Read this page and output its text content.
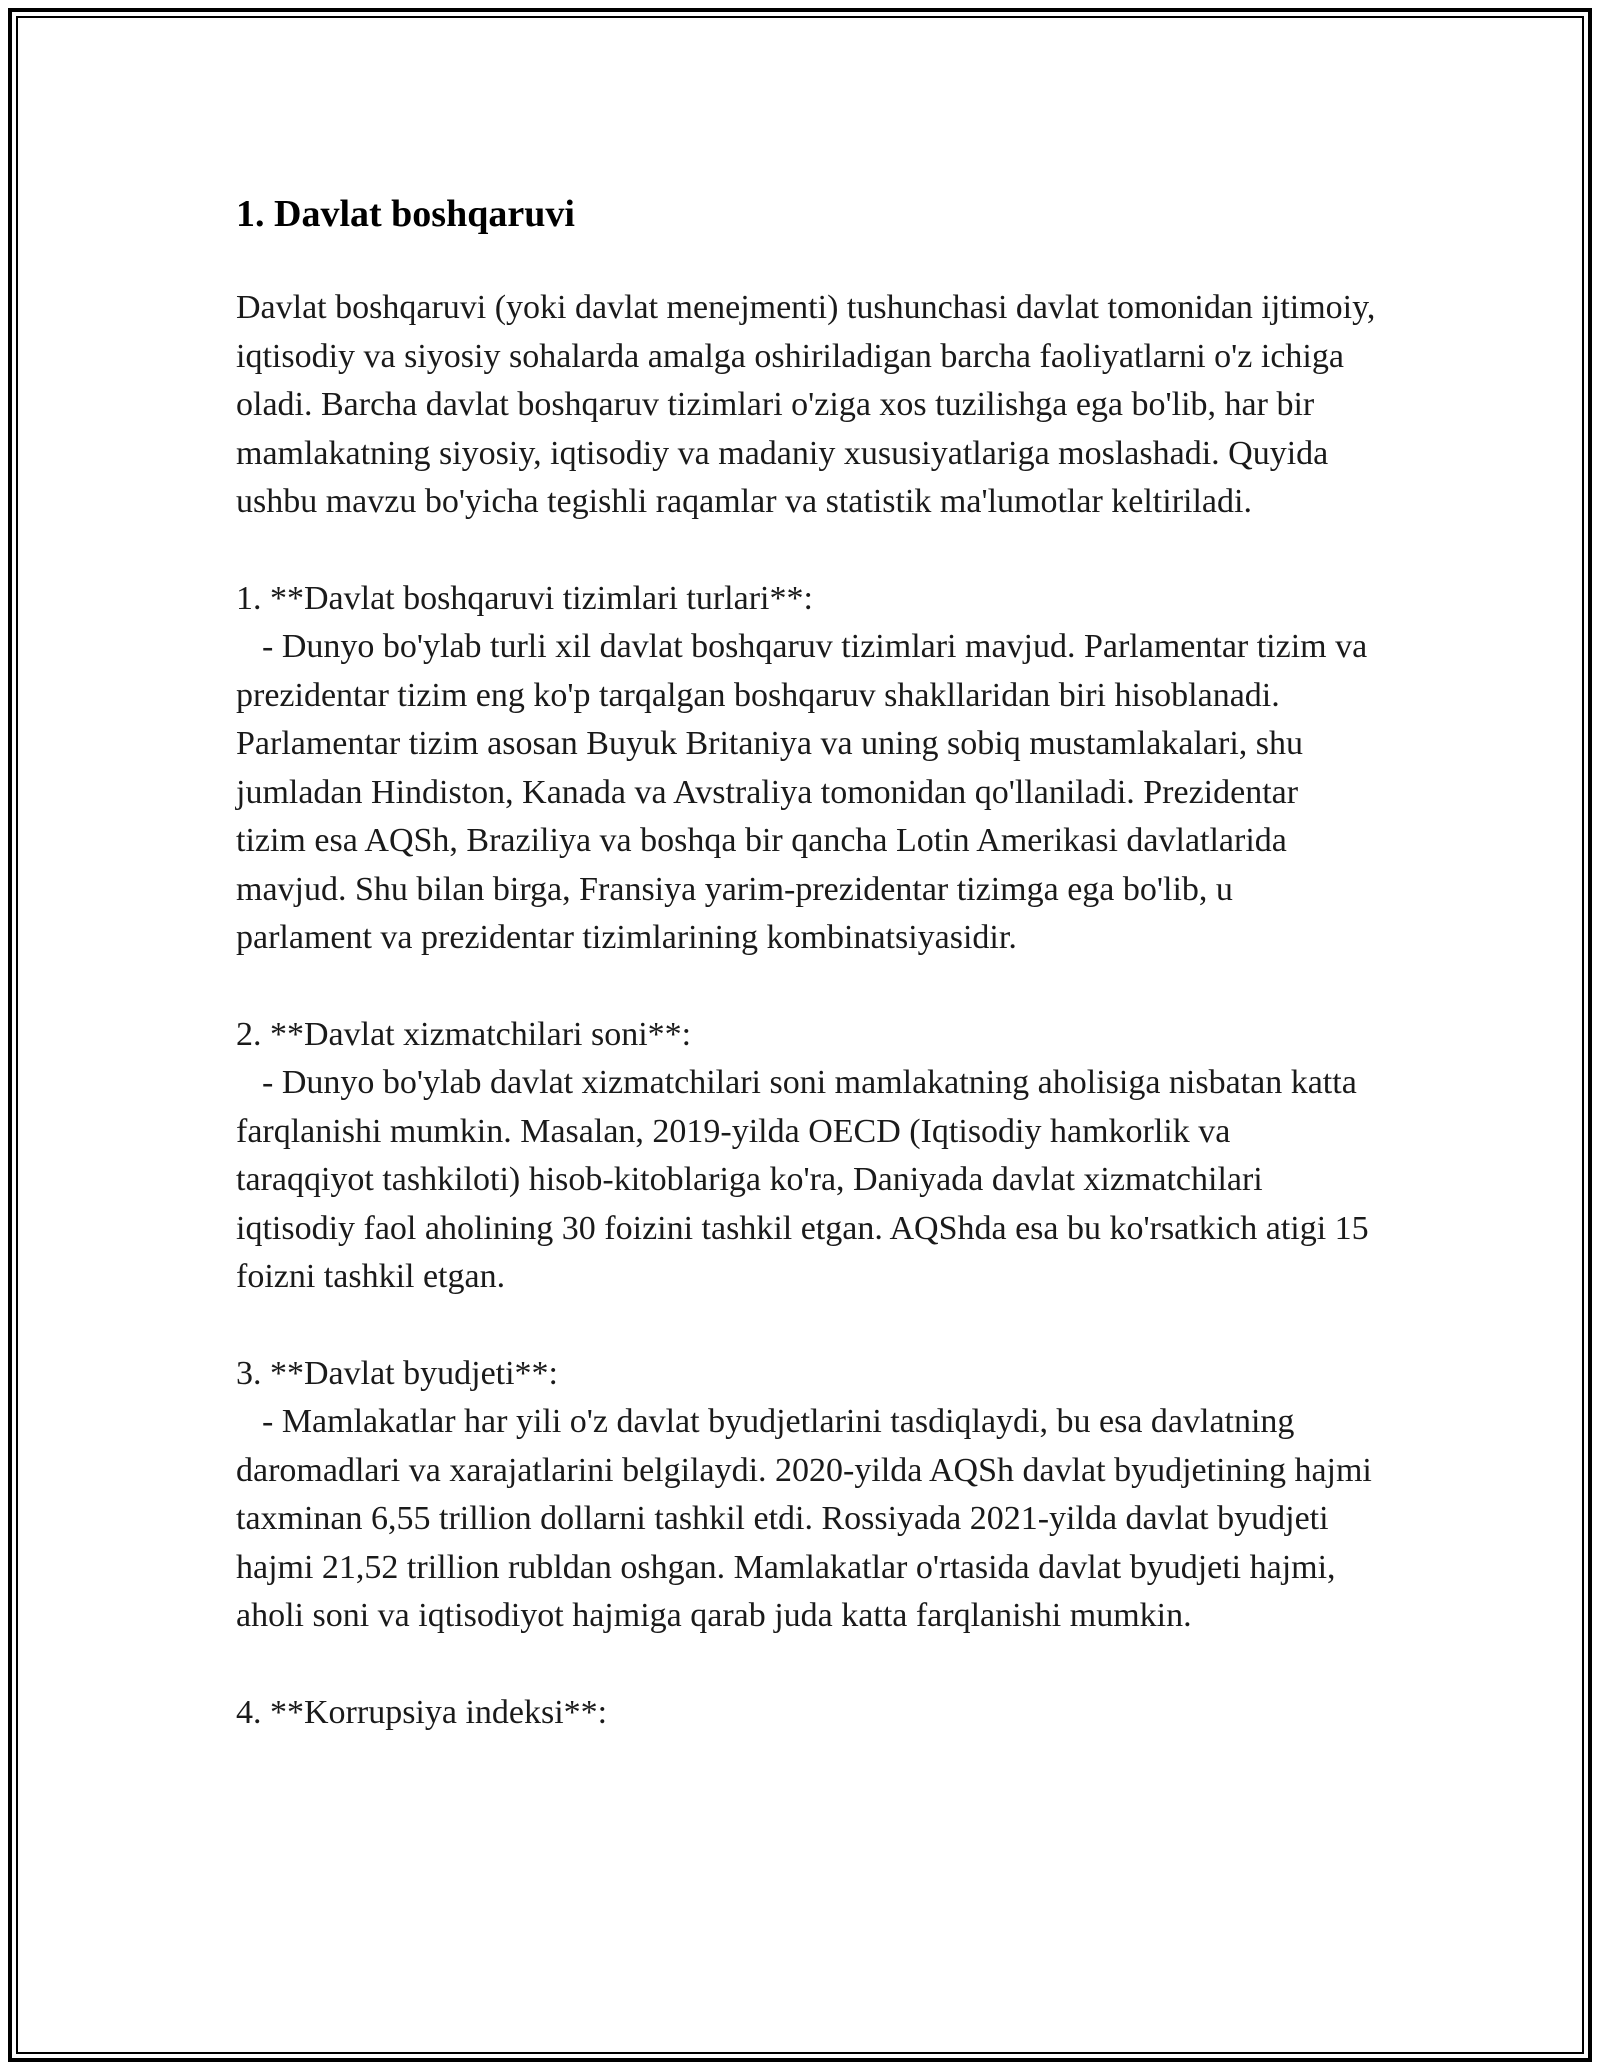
1. Davlat boshqaruvi

Davlat boshqaruvi (yoki davlat menejmenti) tushunchasi davlat tomonidan ijtimoiy, iqtisodiy va siyosiy sohalarda amalga oshiriladigan barcha faoliyatlarni o'z ichiga oladi. Barcha davlat boshqaruv tizimlari o'ziga xos tuzilishga ega bo'lib, har bir mamlakatning siyosiy, iqtisodiy va madaniy xususiyatlariga moslashadi. Quyida ushbu mavzu bo'yicha tegishli raqamlar va statistik ma'lumotlar keltiriladi.

1. **Davlat boshqaruvi tizimlari turlari**:

- Dunyo bo'ylab turli xil davlat boshqaruv tizimlari mavjud. Parlamentar tizim va prezidentar tizim eng ko'p tarqalgan boshqaruv shakllaridan biri hisoblanadi. Parlamentar tizim asosan Buyuk Britaniya va uning sobiq mustamlakalari, shu jumladan Hindiston, Kanada va Avstraliya tomonidan qo'llaniladi. Prezidentar tizim esa AQSh, Braziliya va boshqa bir qancha Lotin Amerikasi davlatlarida mavjud. Shu bilan birga, Fransiya yarim-prezidentar tizimga ega bo'lib, u parlament va prezidentar tizimlarining kombinatsiyasidir.

2. **Davlat xizmatchilari soni**:

- Dunyo bo'ylab davlat xizmatchilari soni mamlakatning aholisiga nisbatan katta farqlanishi mumkin. Masalan, 2019-yilda OECD (Iqtisodiy hamkorlik va taraqqiyot tashkiloti) hisob-kitoblariga ko'ra, Daniyada davlat xizmatchilari iqtisodiy faol aholining 30 foizini tashkil etgan. AQShda esa bu ko'rsatkich atigi 15 foizni tashkil etgan.

3. **Davlat byudjeti**:

- Mamlakatlar har yili o'z davlat byudjetlarini tasdiqlaydi, bu esa davlatning daromadlari va xarajatlarini belgilaydi. 2020-yilda AQSh davlat byudjetining hajmi taxminan 6,55 trillion dollarni tashkil etdi. Rossiyada 2021-yilda davlat byudjeti hajmi 21,52 trillion rubldan oshgan. Mamlakatlar o'rtasida davlat byudjeti hajmi, aholi soni va iqtisodiyot hajmiga qarab juda katta farqlanishi mumkin.

4. **Korrupsiya indeksi**:
